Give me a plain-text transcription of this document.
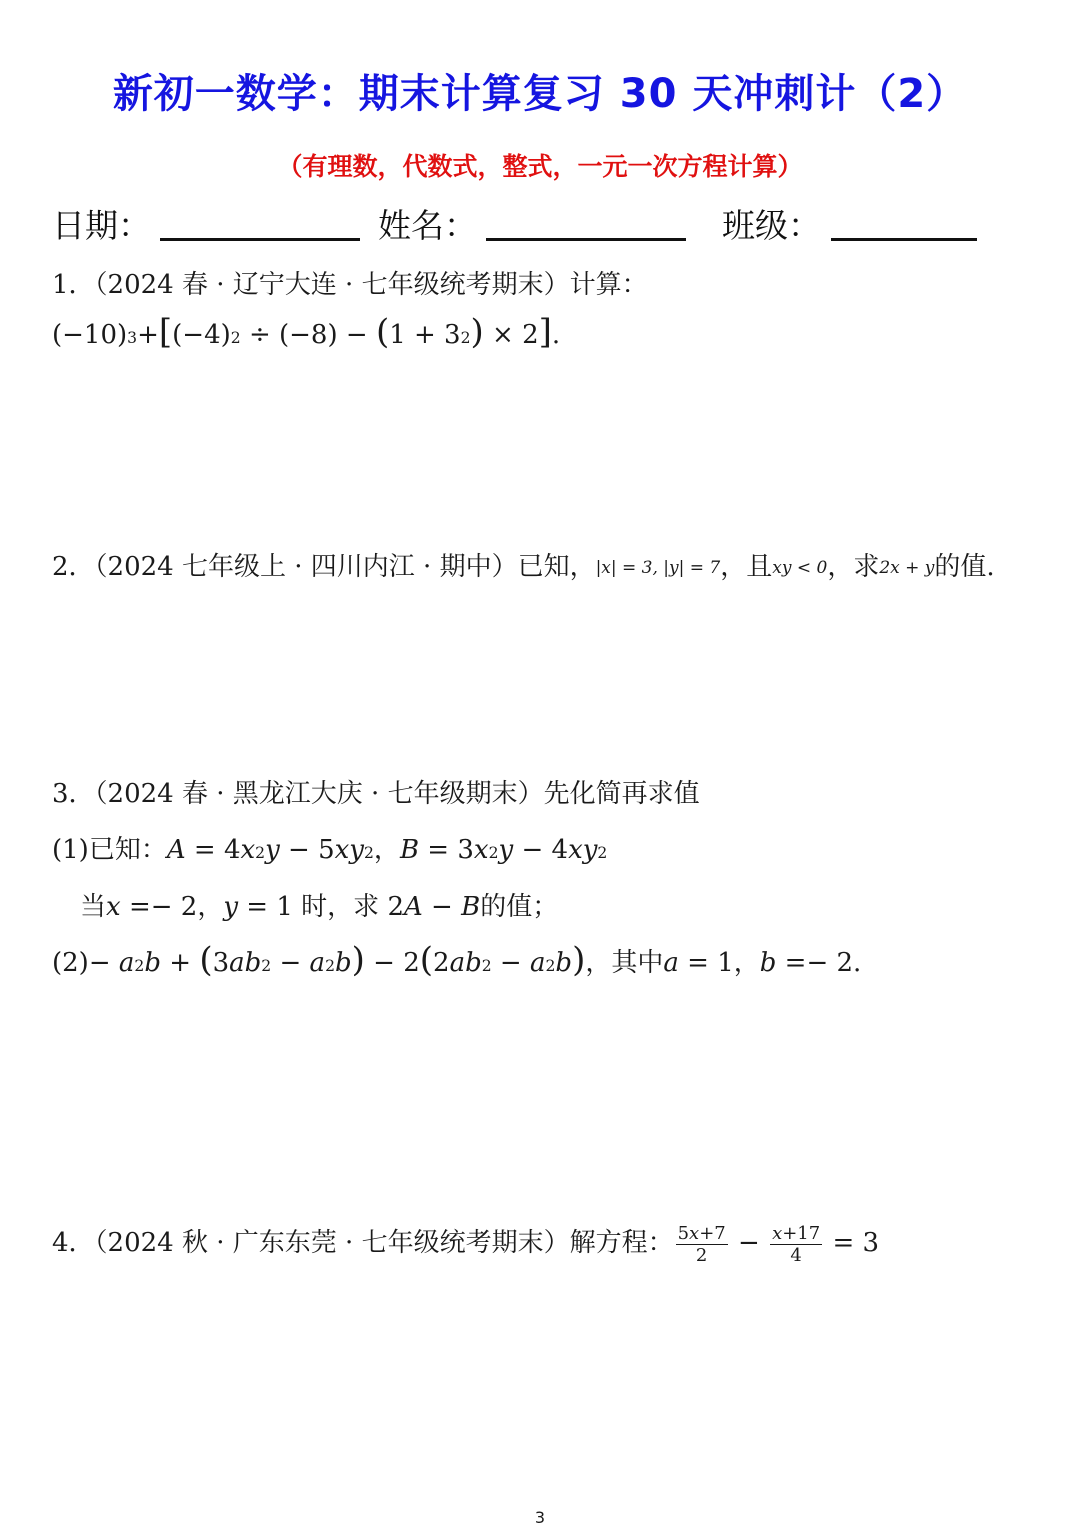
新初一数学：期末计算复习 30 天冲刺计（2）
（有理数，代数式，整式，一元一次方程计算）
日期：	姓名：	班级：
1．（2024 春 · 辽宁大连 · 七年级统考期末）计算：
$(-10)^3+[(-4)^2 \div (-8) - (1 + 3^2) \times 2]$.
2．（2024 七年级上 · 四川内江 · 期中）已知，|x| = 3, |y| = 7，且xy < 0，求2x + y的值.
3．（2024 春 · 黑龙江大庆 · 七年级期末）先化简再求值
(1)已知：$A = 4x^2y - 5xy^2$，$B = 3x^2y - 4xy^2$
当x =− 2，y = 1 时，求 2A − B的值；
$(2)- a^2b + (3ab^2 - a^2b) - 2(2ab^2 - a^2b)$，其中a = 1，b =− 2.
4．（2024 秋 · 广东东莞 · 七年级统考期末）解方程： $\frac{5x+7}{2} - \frac{x+17}{4} = 3$
3
